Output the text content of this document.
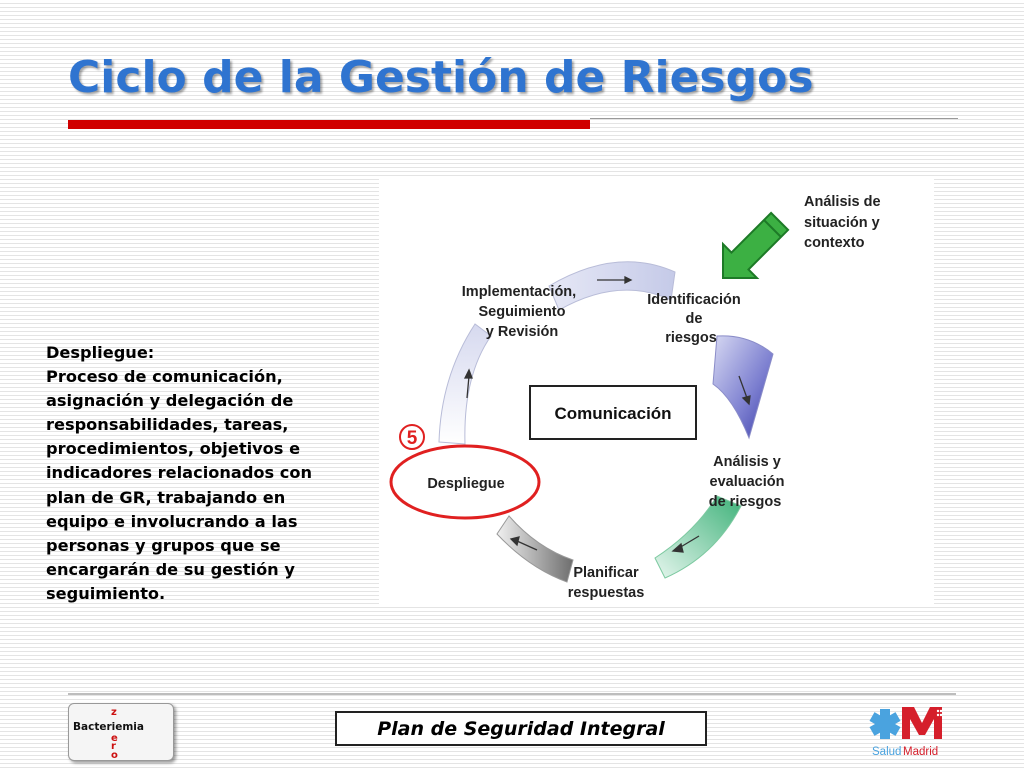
Ciclo de la Gestión de Riesgos
Despliegue:
Proceso de comunicación,
asignación y delegación de
responsabilidades, tareas,
procedimientos, objetivos e
indicadores relacionados con
plan de GR, trabajando en
equipo e involucrando a las
personas y grupos que se
encargarán de su gestión y
seguimiento.
Análisis de
situación y
contexto
Identificación
de
riesgos
Análisis y
evaluación
de riesgos
Planificar
respuestas
Implementación,
Seguimiento
y Revisión
Despliegue
5
Comunicación
z
e
r
o
Bacteriemia	Plan de Seguridad Integral
Salud Madrid
